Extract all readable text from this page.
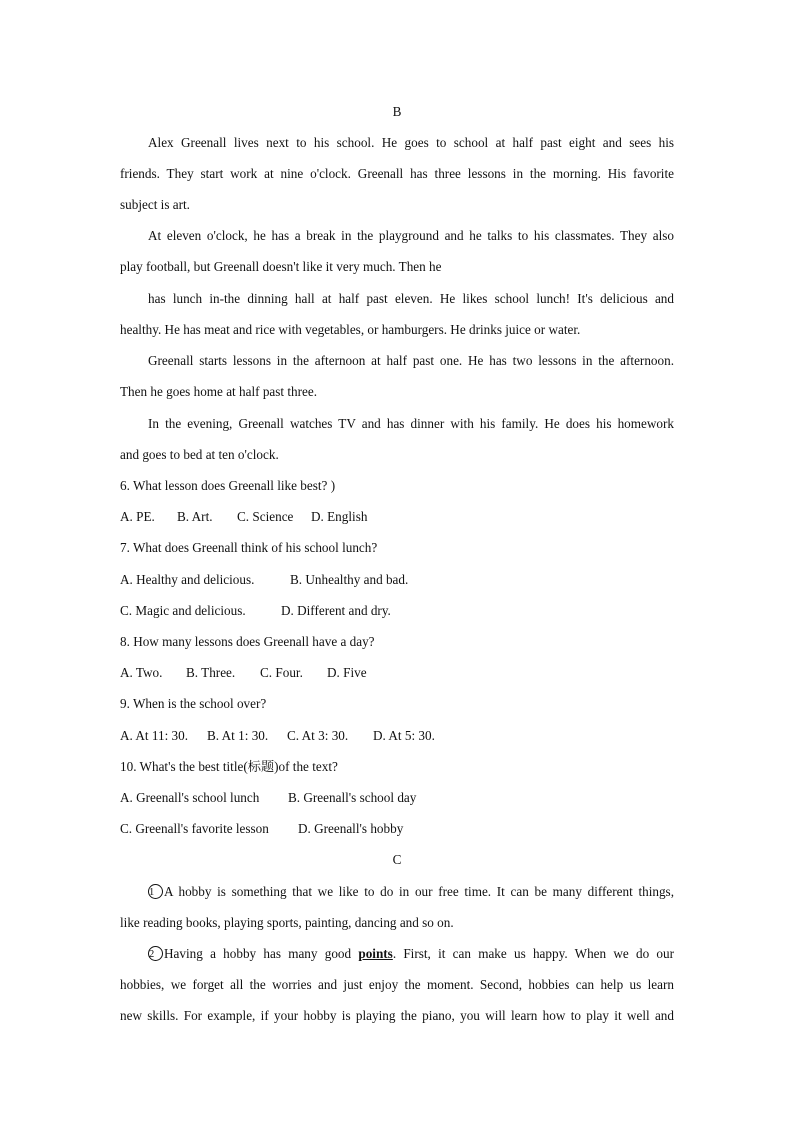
B
Alex Greenall lives next to his school. He goes to school at half past eight and sees his
friends. They start work at nine o'clock. Greenall has three lessons in the morning. His favorite
subject is art.
At eleven o'clock, he has a break in the playground and he talks to his classmates. They also
play football, but Greenall doesn't like it very much. Then he
has lunch in-the dinning hall at half past eleven. He likes school lunch! It's delicious and
healthy. He has meat and rice with vegetables, or hamburgers. He drinks juice or water.
Greenall starts lessons in the afternoon at half past one. He has two lessons in the afternoon.
Then he goes home at half past three.
In the evening, Greenall watches TV and has dinner with his family. He does his homework
and goes to bed at ten o'clock.
6. What lesson does Greenall like best? )
A. PE. B. Art. C. Science D. English
7. What does Greenall think of his school lunch?
A. Healthy and delicious.	B. Unhealthy and bad.
C. Magic and delicious.	D. Different and dry.
8. How many lessons does Greenall have a day?
A. Two. B. Three. C. Four. D. Five
9. When is the school over?
A. At 11: 30. B. At 1: 30. C. At 3: 30. D. At 5: 30.
10. What's the best title(标题)of the text?
A. Greenall's school lunch B. Greenall's school day
C. Greenall's favorite lesson D. Greenall's hobby
C
1 A hobby is something that we like to do in our free time. It can be many different things,
like reading books, playing sports, painting, dancing and so on.
2 Having a hobby has many good points. First, it can make us happy. When we do our
hobbies, we forget all the worries and just enjoy the moment. Second, hobbies can help us learn
new skills. For example, if your hobby is playing the piano, you will learn how to play it well and
